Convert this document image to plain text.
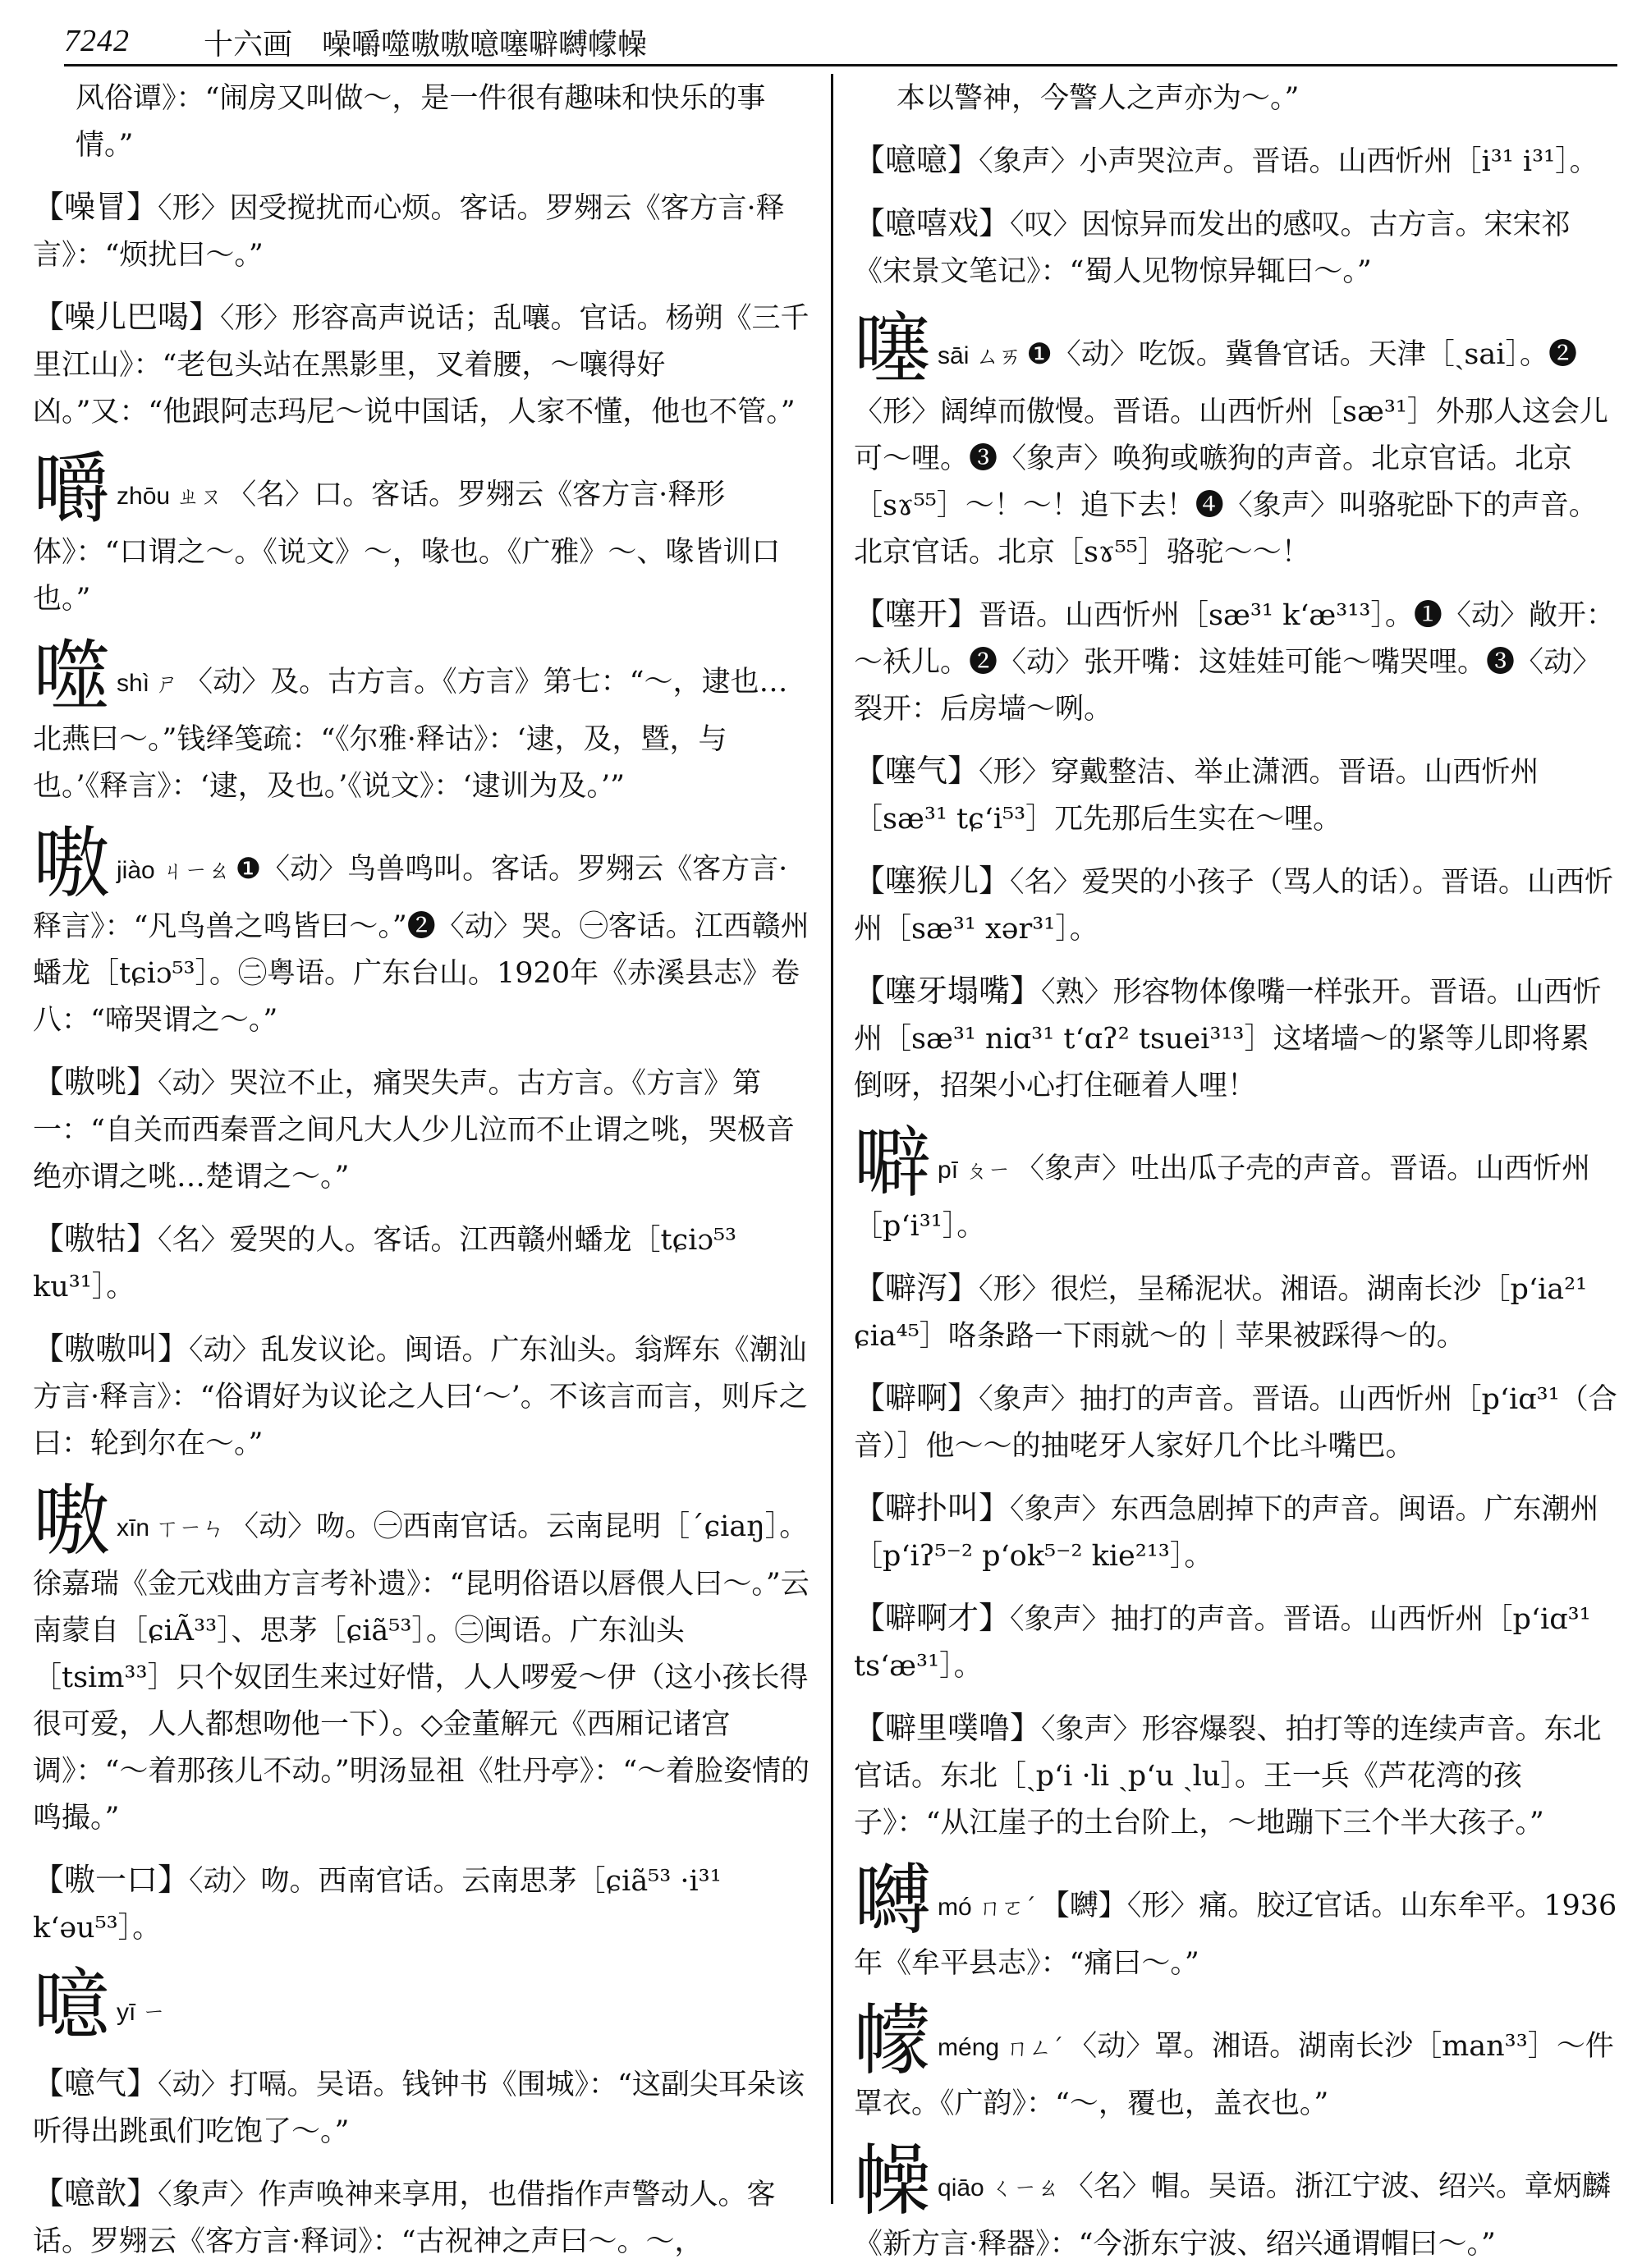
7242	十六画　噪嚼噬嗷嗷噫噻噼嚩幪幧
风俗谭》：“闹房又叫做～，是一件很有趣味和快乐的事情。”
【噪冒】〈形〉因受搅扰而心烦。客话。罗翙云《客方言·释言》：“烦扰曰～。”
【噪儿巴喝】〈形〉形容高声说话；乱嚷。官话。杨朔《三千里江山》：“老包头站在黑影里，叉着腰，～嚷得好凶。”又：“他跟阿志玛尼～说中国话，人家不懂，他也不管。”
嚼zhōu ㄓㄡ 〈名〉口。客话。罗翙云《客方言·释形体》：“口谓之～。《说文》～，喙也。《广雅》～、喙皆训口也。”
噬shì ㄕ 〈动〉及。古方言。《方言》第七：“～，逮也…北燕曰～。”钱绎笺疏：“《尔雅·释诂》：‘逮，及，暨，与也。’《释言》：‘逮，及也。’《说文》：‘逮训为及。’”
嗷jiào ㄐㄧㄠ ❶〈动〉鸟兽鸣叫。客话。罗翙云《客方言·释言》：“凡鸟兽之鸣皆曰～。”❷〈动〉哭。㊀客话。江西赣州蟠龙［tɕiɔ⁵³］。㊁粤语。广东台山。1920年《赤溪县志》卷八：“啼哭谓之～。”
【嗷咷】〈动〉哭泣不止，痛哭失声。古方言。《方言》第一：“自关而西秦晋之间凡大人少儿泣而不止谓之咷，哭极音绝亦谓之咷…楚谓之～。”
【嗷牯】〈名〉爱哭的人。客话。江西赣州蟠龙［tɕiɔ⁵³ ku³¹］。
【嗷嗷叫】〈动〉乱发议论。闽语。广东汕头。翁辉东《潮汕方言·释言》：“俗谓好为议论之人曰‘～’。不该言而言，则斥之曰：轮到尔在～。”
嗷xīn ㄒㄧㄣ 〈动〉吻。㊀西南官话。云南昆明［ˊɕiaŋ］。徐嘉瑞《金元戏曲方言考补遗》：“昆明俗语以唇偎人曰～。”云南蒙自［ɕiÃ³³］、思茅［ɕiã⁵³］。㊁闽语。广东汕头［tsim³³］只个奴囝生来过好惜，人人啰爱～伊（这小孩长得很可爱，人人都想吻他一下）。◇金董解元《西厢记诸宫调》：“～着那孩儿不动。”明汤显祖《牡丹亭》：“～着脸姿情的鸣撮。”
【嗷一口】〈动〉吻。西南官话。云南思茅［ɕiã⁵³ ·i³¹ k‘əu⁵³］。
噫yī ㄧ
【噫气】〈动〉打嗝。吴语。钱钟书《围城》：“这副尖耳朵该听得出跳虱们吃饱了～。”
【噫歆】〈象声〉作声唤神来享用，也借指作声警动人。客话。罗翙云《客方言·释词》：“古祝神之声曰～。～，
本以警神，今警人之声亦为～。”
【噫噫】〈象声〉小声哭泣声。晋语。山西忻州［i³¹ i³¹］。
【噫嘻戏】〈叹〉因惊异而发出的感叹。古方言。宋宋祁《宋景文笔记》：“蜀人见物惊异辄曰～。”
噻sāi ㄙㄞ ❶〈动〉吃饭。冀鲁官话。天津［ˏsai］。❷〈形〉阔绰而傲慢。晋语。山西忻州［sæ³¹］外那人这会儿可～哩。❸〈象声〉唤狗或嗾狗的声音。北京官话。北京［sɤ⁵⁵］～！～！追下去！❹〈象声〉叫骆驼卧下的声音。北京官话。北京［sɤ⁵⁵］骆驼～～！
【噻开】晋语。山西忻州［sæ³¹ k‘æ³¹³］。❶〈动〉敞开：～袄儿。❷〈动〉张开嘴：这娃娃可能～嘴哭哩。❸〈动〉裂开：后房墙～咧。
【噻气】〈形〉穿戴整洁、举止潇洒。晋语。山西忻州［sæ³¹ tɕ‘i⁵³］兀先那后生实在～哩。
【噻猴儿】〈名〉爱哭的小孩子（骂人的话）。晋语。山西忻州［sæ³¹ xər³¹］。
【噻牙塌嘴】〈熟〉形容物体像嘴一样张开。晋语。山西忻州［sæ³¹ niɑ³¹ t‘ɑʔ² tsuei³¹³］这堵墙～的紧等儿即将累倒呀，招架小心打住砸着人哩！
噼pī ㄆㄧ 〈象声〉吐出瓜子壳的声音。晋语。山西忻州［p‘i³¹］。
【噼泻】〈形〉很烂，呈稀泥状。湘语。湖南长沙［p‘ia²¹ ɕia⁴⁵］咯条路一下雨就～的｜苹果被踩得～的。
【噼啊】〈象声〉抽打的声音。晋语。山西忻州［p‘iɑ³¹（合音）］他～～的抽咾牙人家好几个比斗嘴巴。
【噼扑叫】〈象声〉东西急剧掉下的声音。闽语。广东潮州［p‘iʔ⁵⁻² p‘ok⁵⁻² kie²¹³］。
【噼啊才】〈象声〉抽打的声音。晋语。山西忻州［p‘iɑ³¹ ts‘æ³¹］。
【噼里噗噜】〈象声〉形容爆裂、拍打等的连续声音。东北官话。东北［ˏp‘i ·li ˏp‘u ˏlu］。王一兵《芦花湾的孩子》：“从江崖子的土台阶上，～地蹦下三个半大孩子。”
嚩mó ㄇㄛˊ 【嚩】〈形〉痛。胶辽官话。山东牟平。1936年《牟平县志》：“痛曰～。”
幪méng ㄇㄥˊ 〈动〉罩。湘语。湖南长沙［man³³］～件罩衣。《广韵》：“～，覆也，盖衣也。”
幧qiāo ㄑㄧㄠ 〈名〉帽。吴语。浙江宁波、绍兴。章炳麟《新方言·释器》：“今浙东宁波、绍兴通谓帽曰～。”
